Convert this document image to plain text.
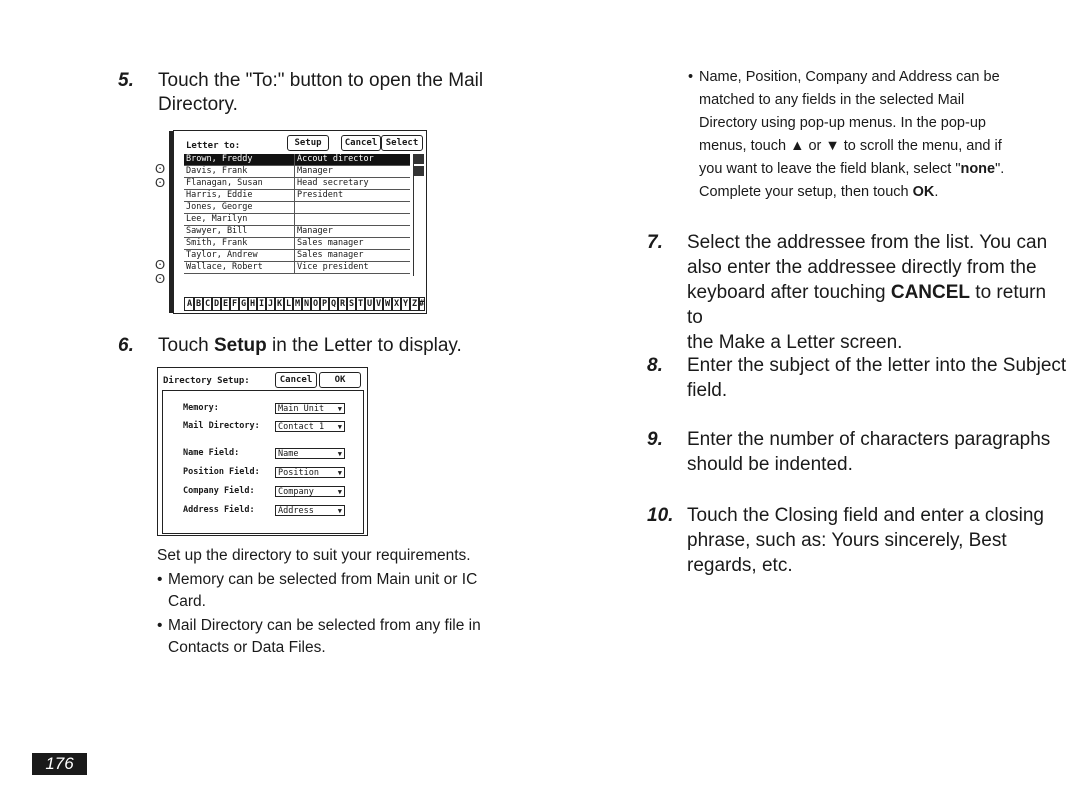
5. Touch the "To:" button to open the Mail
Directory.
ʘ
ʘ
ʘ
ʘ
Letter to:	Setup	Cancel Select
Brown, Freddy	Accout director
Davis, Frank	Manager
Flanagan, Susan	Head secretary
Harris, Eddie	President
Jones, George
Lee, Marilyn
Sawyer, Bill	Manager
Smith, Frank	Sales manager
Taylor, Andrew	Sales manager
Wallace, Robert	Vice president
A B C D E F G H I J K L M N O P Q R S T U V W X Y Z #
6. Touch Setup in the Letter to display.
Directory Setup:	Cancel	OK
Memory:	Main Unit ▼
Mail Directory:	Contact 1 ▼
Name Field:	Name	▼
Position Field:	Position	▼
Company Field:	Company	▼
Address Field:	Address	▼
Set up the directory to suit your requirements.
• Memory can be selected from Main unit or IC
Card.
• Mail Directory can be selected from any file in
Contacts or Data Files.
• Name, Position, Company and Address can be
matched to any fields in the selected Mail
Directory using pop-up menus. In the pop-up
menus, touch ▲ or ▼ to scroll the menu, and if
you want to leave the field blank, select "none".
Complete your setup, then touch OK.
7. Select the addressee from the list. You can
also enter the addressee directly from the
keyboard after touching CANCEL to return to
the Make a Letter screen.
8. Enter the subject of the letter into the Subject
field.
9. Enter the number of characters paragraphs
should be indented.
10. Touch the Closing field and enter a closing
phrase, such as: Yours sincerely, Best
regards, etc.
176
